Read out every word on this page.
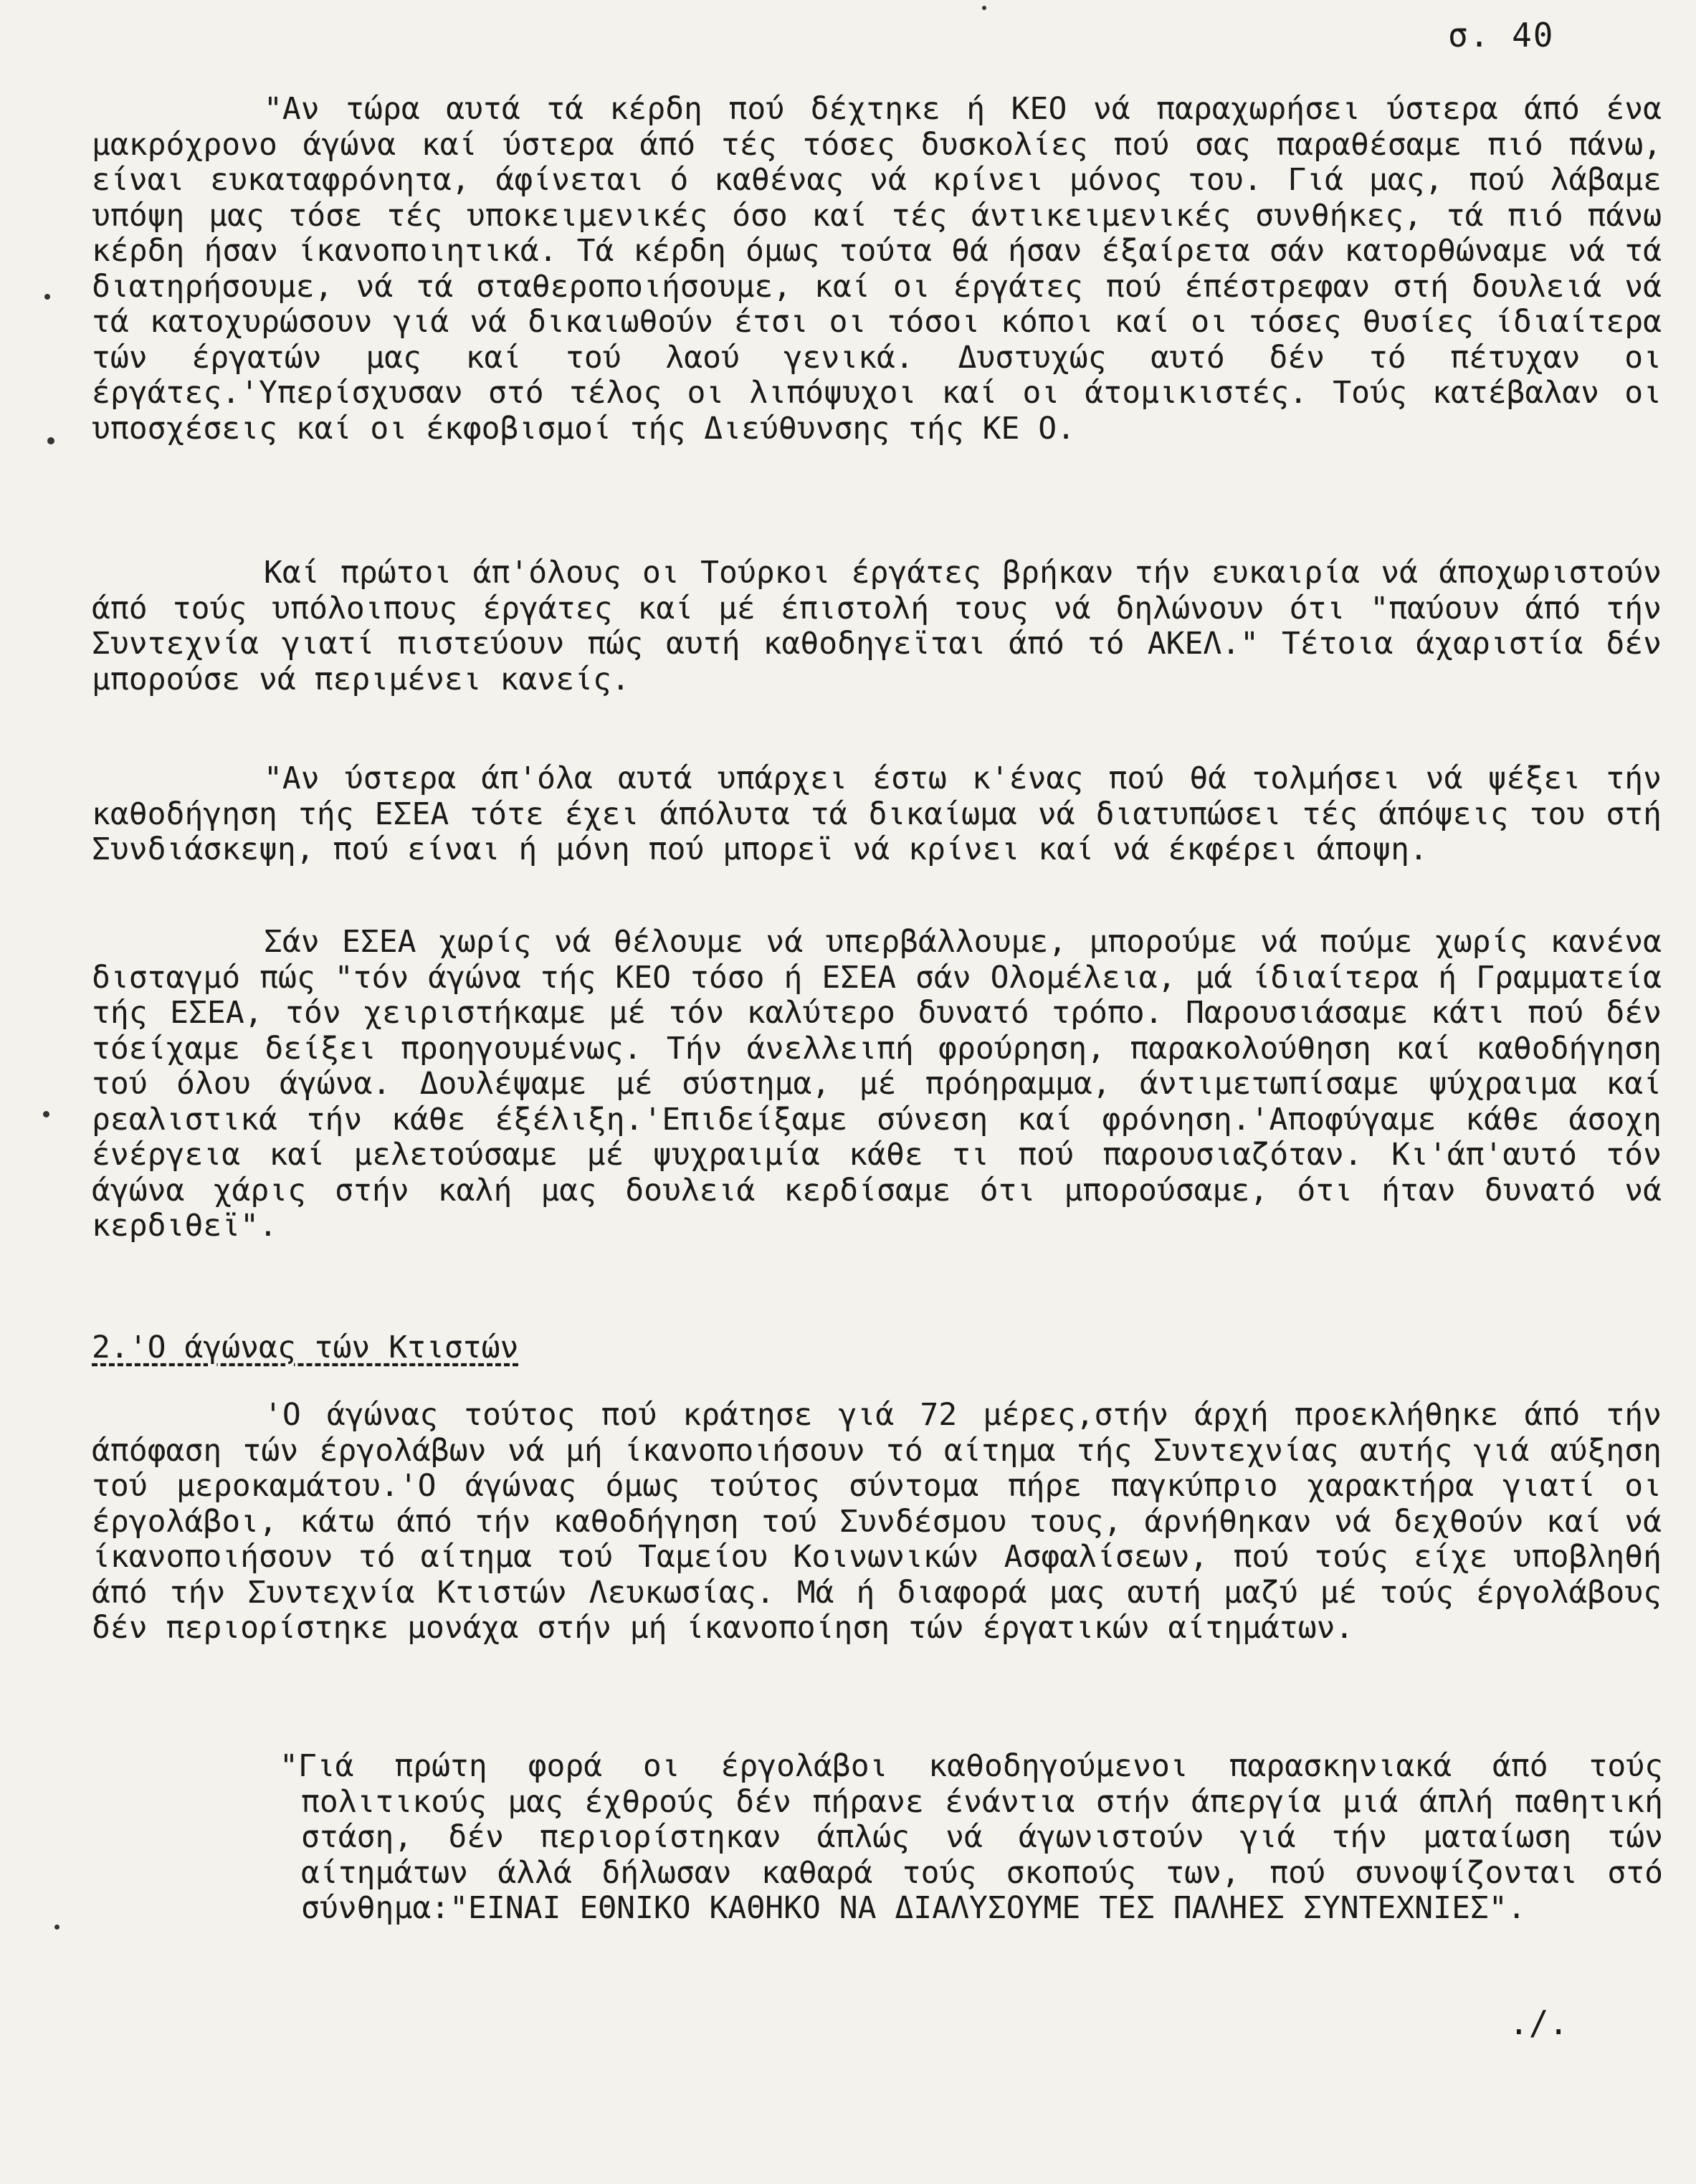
σ. 40

"Αν τώρα αυτά τά κέρδη πού δέχτηκε ή ΚΕΟ νά παραχωρήσει ύστερα άπό ένα μακρόχρονο άγώνα καί ύστερα άπό τές τόσες δυσκολίες πού σας παραθέσαμε πιό πάνω, είναι ευκαταφρόνητα, άφίνεται ό καθένας νά κρίνει μόνος του. Γιά μας, πού λάβαμε υπόψη μας τόσε τές υποκειμενικές όσο καί τές άντικειμενικές συνθήκες, τά πιό πάνω κέρδη ήσαν ίκανοποιητικά. Τά κέρδη όμως τούτα θά ήσαν έξαίρετα σάν κατορθώναμε νά τά διατηρήσουμε, νά τά σταθεροποιήσουμε, καί οι έργάτες πού έπέστρεφαν στή δουλειά νά τά κατοχυρώσουν γιά νά δικαιωθούν έτσι οι τόσοι κόποι καί οι τόσες θυσίες ίδιαίτερα τών έργατών μας καί τού λαού γενικά. Δυστυχώς αυτό δέν τό πέτυχαν οι έργάτες.'Υπερίσχυσαν στό τέλος οι λιπόψυχοι καί οι άτομικιστές. Τούς κατέβαλαν οι υποσχέσεις καί οι έκφοβισμοί τής Διεύθυνσης τής ΚΕ Ο.

Καί πρώτοι άπ'όλους οι Τούρκοι έργάτες βρήκαν τήν ευκαιρία νά άποχωριστούν άπό τούς υπόλοιπους έργάτες καί μέ έπιστολή τους νά δηλώνουν ότι "παύουν άπό τήν Συντεχνία γιατί πιστεύουν πώς αυτή καθοδηγεϊται άπό τό ΑΚΕΛ." Τέτοια άχαριστία δέν μπορούσε νά περιμένει κανείς.

"Αν ύστερα άπ'όλα αυτά υπάρχει έστω κ'ένας πού θά τολμήσει νά ψέξει τήν καθοδήγηση τής ΕΣΕΑ τότε έχει άπόλυτα τά δικαίωμα νά διατυπώσει τές άπόψεις του στή Συνδιάσκεψη, πού είναι ή μόνη πού μπορεϊ νά κρίνει καί νά έκφέρει άποψη.

Σάν ΕΣΕΑ χωρίς νά θέλουμε νά υπερβάλλουμε, μπορούμε νά πούμε χωρίς κανένα δισταγμό πώς "τόν άγώνα τής ΚΕΟ τόσο ή ΕΣΕΑ σάν Ολομέλεια, μά ίδιαίτερα ή Γραμματεία τής ΕΣΕΑ, τόν χειριστήκαμε μέ τόν καλύτερο δυνατό τρόπο. Παρουσιάσαμε κάτι πού δέν τόείχαμε δείξει προηγουμένως. Τήν άνελλειπή φρούρηση, παρακολούθηση καί καθοδήγηση τού όλου άγώνα. Δουλέψαμε μέ σύστημα, μέ πρόηραμμα, άντιμετωπίσαμε ψύχραιμα καί ρεαλιστικά τήν κάθε έξέλιξη.'Επιδείξαμε σύνεση καί φρόνηση.'Αποφύγαμε κάθε άσοχη ένέργεια καί μελετούσαμε μέ ψυχραιμία κάθε τι πού παρουσιαζόταν. Κι'άπ'αυτό τόν άγώνα χάρις στήν καλή μας δουλειά κερδίσαμε ότι μπορούσαμε, ότι ήταν δυνατό νά κερδιθεϊ".

2.'Ο άγώνας τών Κτιστών

'Ο άγώνας τούτος πού κράτησε γιά 72 μέρες,στήν άρχή προεκλήθηκε άπό τήν άπόφαση τών έργολάβων νά μή ίκανοποιήσουν τό αίτημα τής Συντεχνίας αυτής γιά αύξηση τού μεροκαμάτου.'Ο άγώνας όμως τούτος σύντομα πήρε παγκύπριο χαρακτήρα γιατί οι έργολάβοι, κάτω άπό τήν καθοδήγηση τού Συνδέσμου τους, άρνήθηκαν νά δεχθούν καί νά ίκανοποιήσουν τό αίτημα τού Ταμείου Κοινωνικών Ασφαλίσεων, πού τούς είχε υποβληθή άπό τήν Συντεχνία Κτιστών Λευκωσίας. Μά ή διαφορά μας αυτή μαζύ μέ τούς έργολάβους δέν περιορίστηκε μονάχα στήν μή ίκανοποίηση τών έργατικών αίτημάτων.

"Γιά πρώτη φορά οι έργολάβοι καθοδηγούμενοι παρασκηνιακά άπό τούς πολιτικούς μας έχθρούς δέν πήρανε ένάντια στήν άπεργία μιά άπλή παθητική στάση, δέν περιορίστηκαν άπλώς νά άγωνιστούν γιά τήν ματαίωση τών αίτημάτων άλλά δήλωσαν καθαρά τούς σκοπούς των, πού συνοψίζονται στό σύνθημα:"ΕΙΝΑΙ ΕΘΝΙΚΟ ΚΑΘΗΚΟ ΝΑ ΔΙΑΛΥΣΟΥΜΕ ΤΕΣ ΠΑΛΗΕΣ ΣΥΝΤΕΧΝΙΕΣ".

./.
